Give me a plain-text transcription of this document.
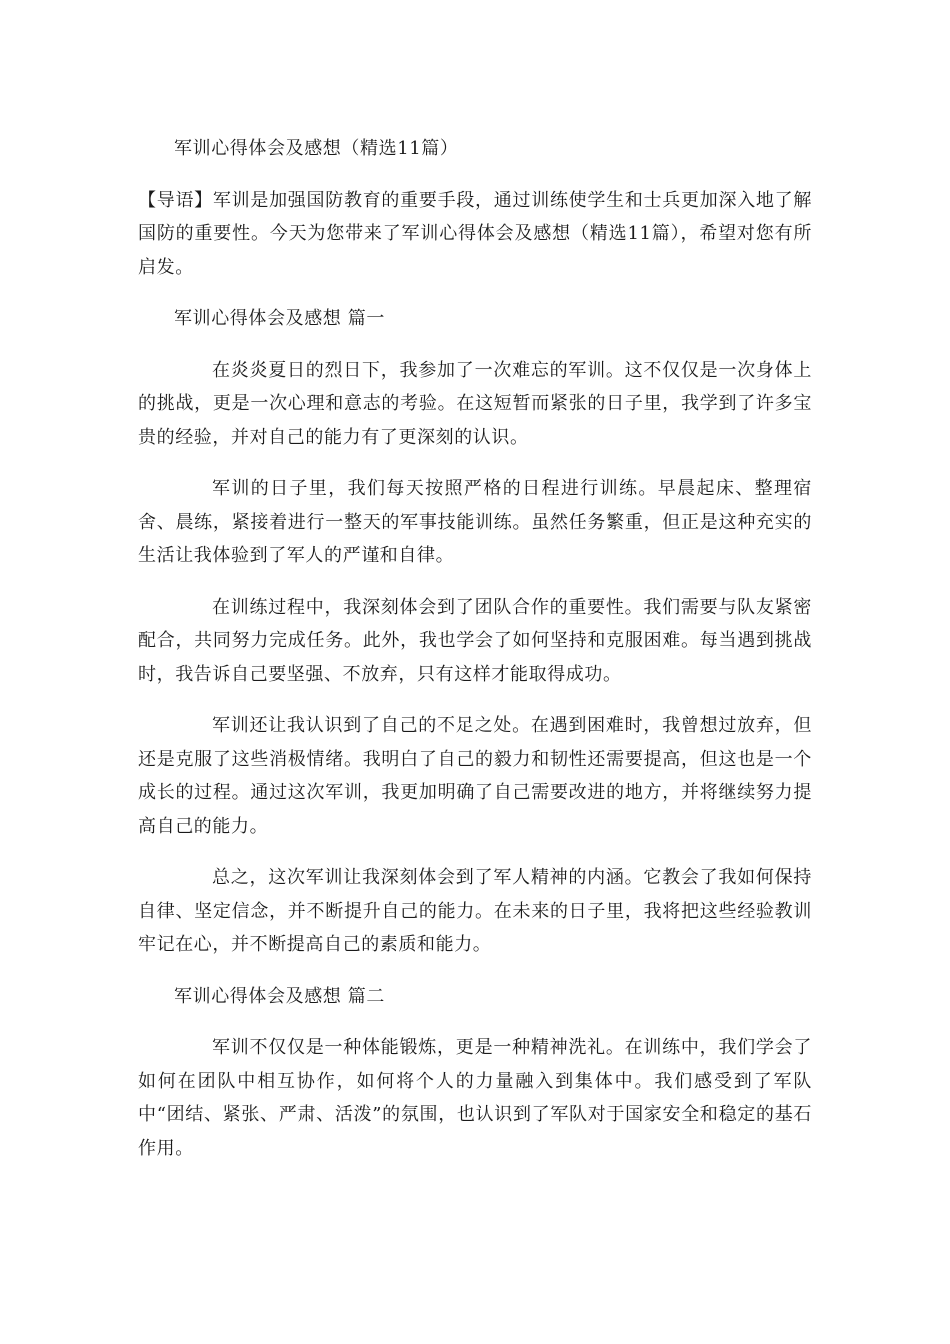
军训心得体会及感想（精选11篇）
【导语】军训是加强国防教育的重要手段，通过训练使学生和士兵更加深入地了解国防的重要性。今天为您带来了军训心得体会及感想（精选11篇），希望对您有所启发。
军训心得体会及感想 篇一
在炎炎夏日的烈日下，我参加了一次难忘的军训。这不仅仅是一次身体上的挑战，更是一次心理和意志的考验。在这短暂而紧张的日子里，我学到了许多宝贵的经验，并对自己的能力有了更深刻的认识。
军训的日子里，我们每天按照严格的日程进行训练。早晨起床、整理宿舍、晨练，紧接着进行一整天的军事技能训练。虽然任务繁重，但正是这种充实的生活让我体验到了军人的严谨和自律。
在训练过程中，我深刻体会到了团队合作的重要性。我们需要与队友紧密配合，共同努力完成任务。此外，我也学会了如何坚持和克服困难。每当遇到挑战时，我告诉自己要坚强、不放弃，只有这样才能取得成功。
军训还让我认识到了自己的不足之处。在遇到困难时，我曾想过放弃，但还是克服了这些消极情绪。我明白了自己的毅力和韧性还需要提高，但这也是一个成长的过程。通过这次军训，我更加明确了自己需要改进的地方，并将继续努力提高自己的能力。
总之，这次军训让我深刻体会到了军人精神的内涵。它教会了我如何保持自律、坚定信念，并不断提升自己的能力。在未来的日子里，我将把这些经验教训牢记在心，并不断提高自己的素质和能力。
军训心得体会及感想 篇二
军训不仅仅是一种体能锻炼，更是一种精神洗礼。在训练中，我们学会了如何在团队中相互协作，如何将个人的力量融入到集体中。我们感受到了军队中“团结、紧张、严肃、活泼”的氛围，也认识到了军队对于国家安全和稳定的基石作用。
